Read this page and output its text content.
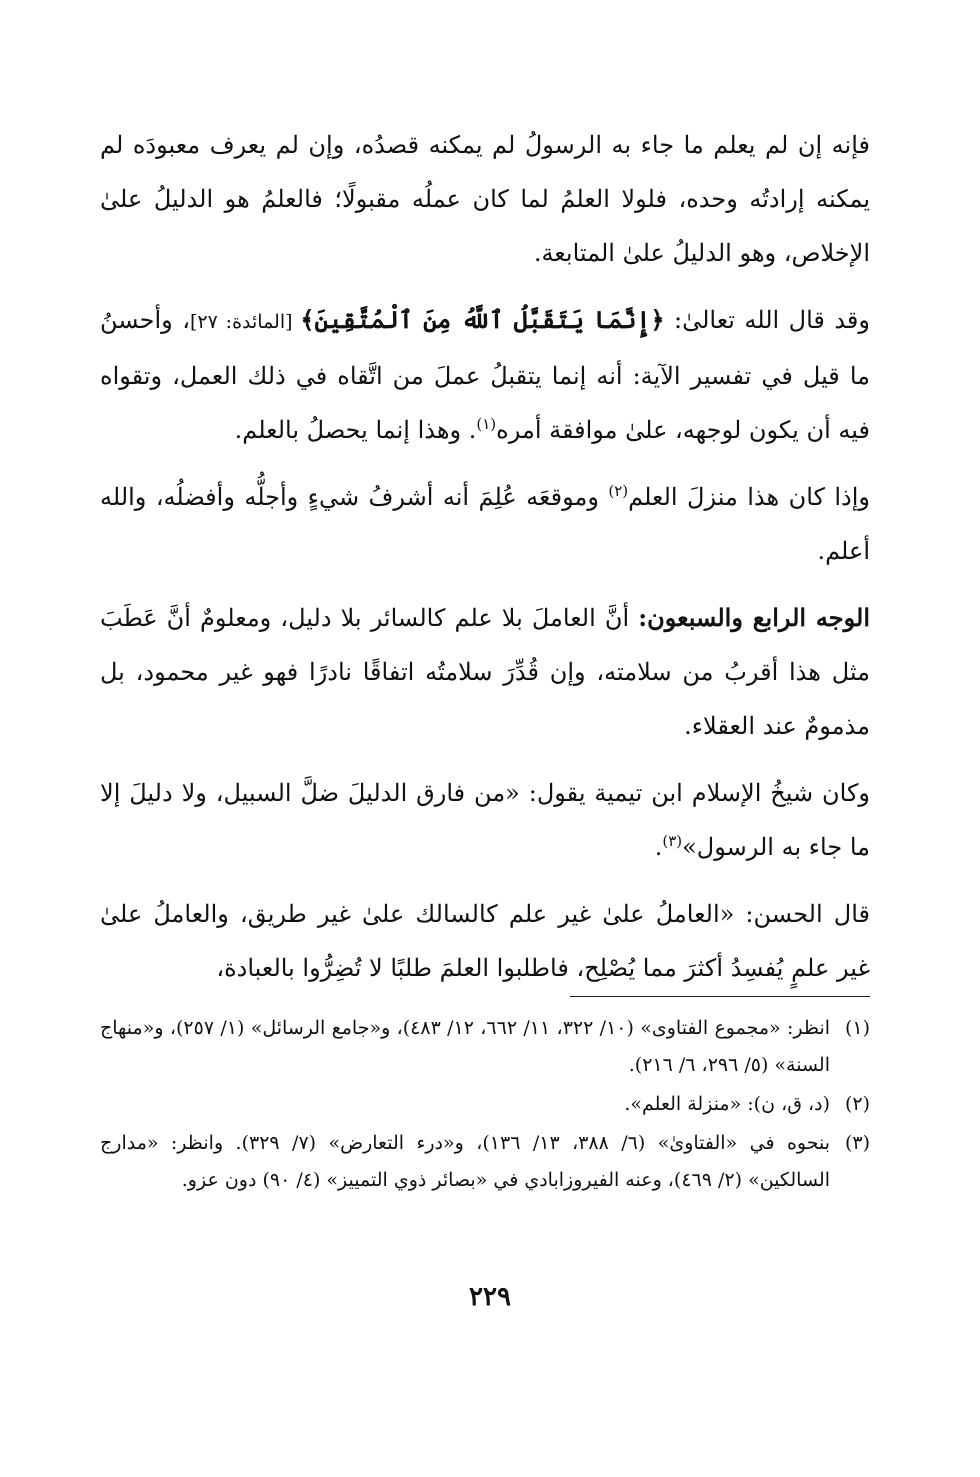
فإنه إن لم يعلم ما جاء به الرسولُ لم يمكنه قصدُه، وإن لم يعرف معبودَه لم يمكنه إرادتُه وحده، فلولا العلمُ لما كان عملُه مقبولًا؛ فالعلمُ هو الدليلُ علىٰ الإخلاص، وهو الدليلُ علىٰ المتابعة.

وقد قال الله تعالىٰ: ﴿إِنَّمَا يَتَقَبَّلُ ٱللَّهُ مِنَ ٱلْمُتَّقِينَ﴾ [المائدة: ٢٧]، وأحسنُ ما قيل في تفسير الآية: أنه إنما يتقبلُ عملَ من اتَّقاه في ذلك العمل، وتقواه فيه أن يكون لوجهه، علىٰ موافقة أمره$^{(١)}$. وهذا إنما يحصلُ بالعلم.

وإذا كان هذا منزلَ العلم$^{(٢)}$ وموقعَه عُلِمَ أنه أشرفُ شيءٍ وأجلُّه وأفضلُه، والله أعلم.

الوجه الرابع والسبعون: أنَّ العاملَ بلا علم كالسائر بلا دليل، ومعلومٌ أنَّ عَطَبَ مثل هذا أقربُ من سلامته، وإن قُدِّرَ سلامتُه اتفاقًا نادرًا فهو غير محمود، بل مذمومٌ عند العقلاء.

وكان شيخُ الإسلام ابن تيمية يقول: «من فارق الدليلَ ضلَّ السبيل، ولا دليلَ إلا ما جاء به الرسول»$^{(٣)}$.

قال الحسن: «العاملُ علىٰ غير علم كالسالك علىٰ غير طريق، والعاملُ علىٰ غير علمٍ يُفسِدُ أكثرَ مما يُصْلِح، فاطلبوا العلمَ طلبًا لا تُضِرُّوا بالعبادة،

(١)
انظر: «مجموع الفتاوى» (١٠/ ٣٢٢، ١١/ ٦٦٢، ١٢/ ٤٨٣)، و«جامع الرسائل» (١/ ٢٥٧)، و«منهاج السنة» (٥/ ٢٩٦، ٦/ ٢١٦).

(٢)
(د، ق، ن): «منزلة العلم».

(٣)
بنحوه في «الفتاوىٰ» (٦/ ٣٨٨، ١٣/ ١٣٦)، و«درء التعارض» (٧/ ٣٢٩). وانظر: «مدارج السالكين» (٢/ ٤٦٩)، وعنه الفيروزابادي في «بصائر ذوي التمييز» (٤/ ٩٠) دون عزو.

٢٢٩
